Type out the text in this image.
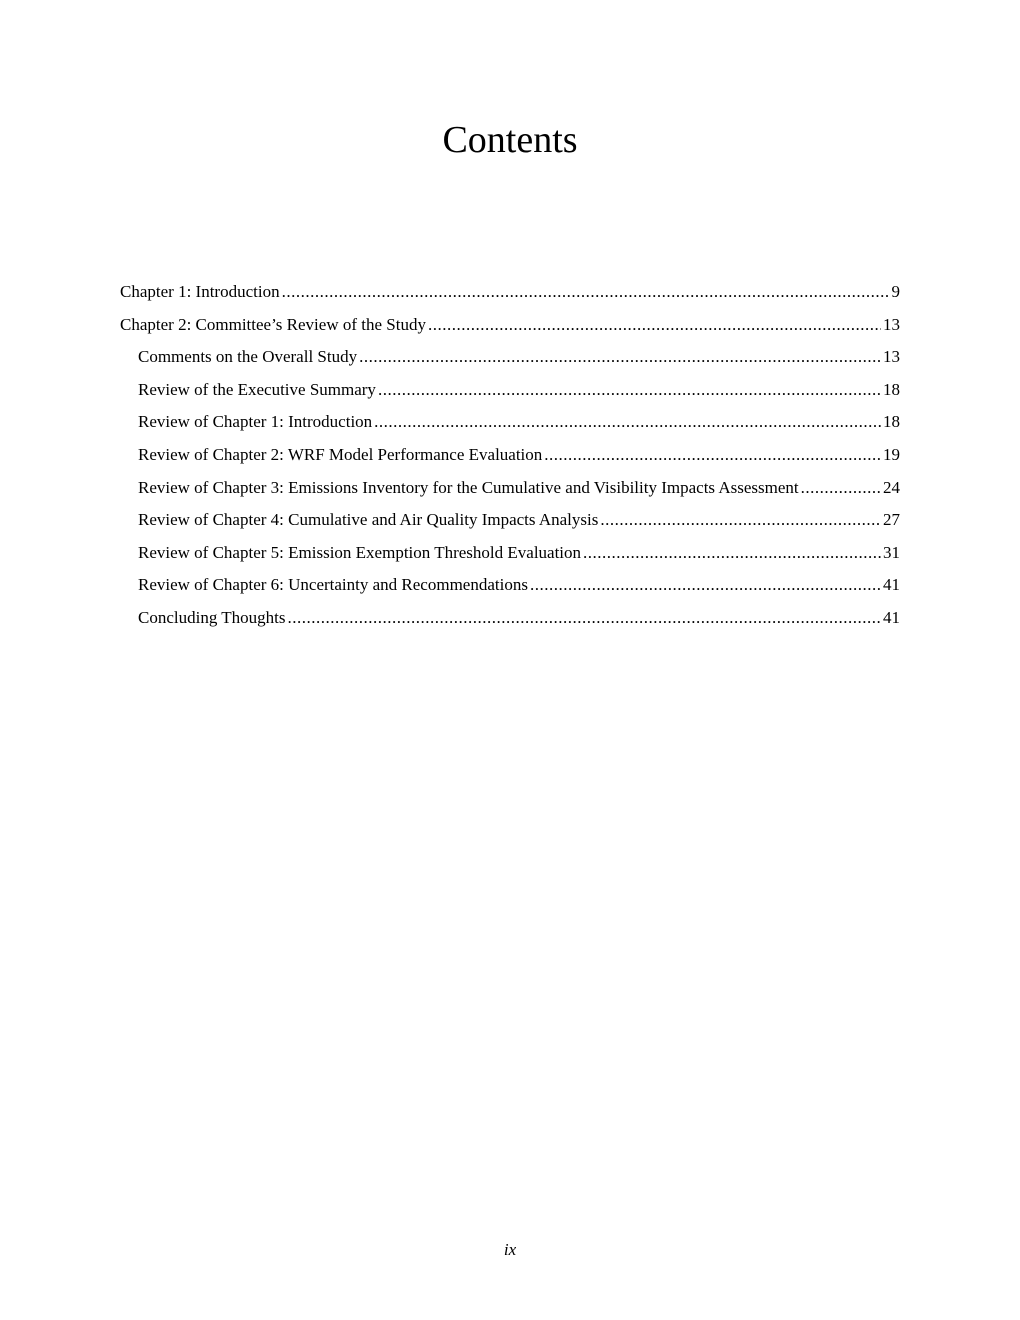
Contents
Chapter 1: Introduction .....	9
Chapter 2: Committee’s Review of the Study .....	13
Comments on the Overall Study .....	13
Review of the Executive Summary .....	18
Review of Chapter 1: Introduction .....	18
Review of Chapter 2: WRF Model Performance Evaluation .....	19
Review of Chapter 3: Emissions Inventory for the Cumulative and Visibility Impacts Assessment .....	24
Review of Chapter 4: Cumulative and Air Quality Impacts Analysis .....	27
Review of Chapter 5: Emission Exemption Threshold Evaluation .....	31
Review of Chapter 6: Uncertainty and Recommendations .....	41
Concluding Thoughts .....	41
ix
